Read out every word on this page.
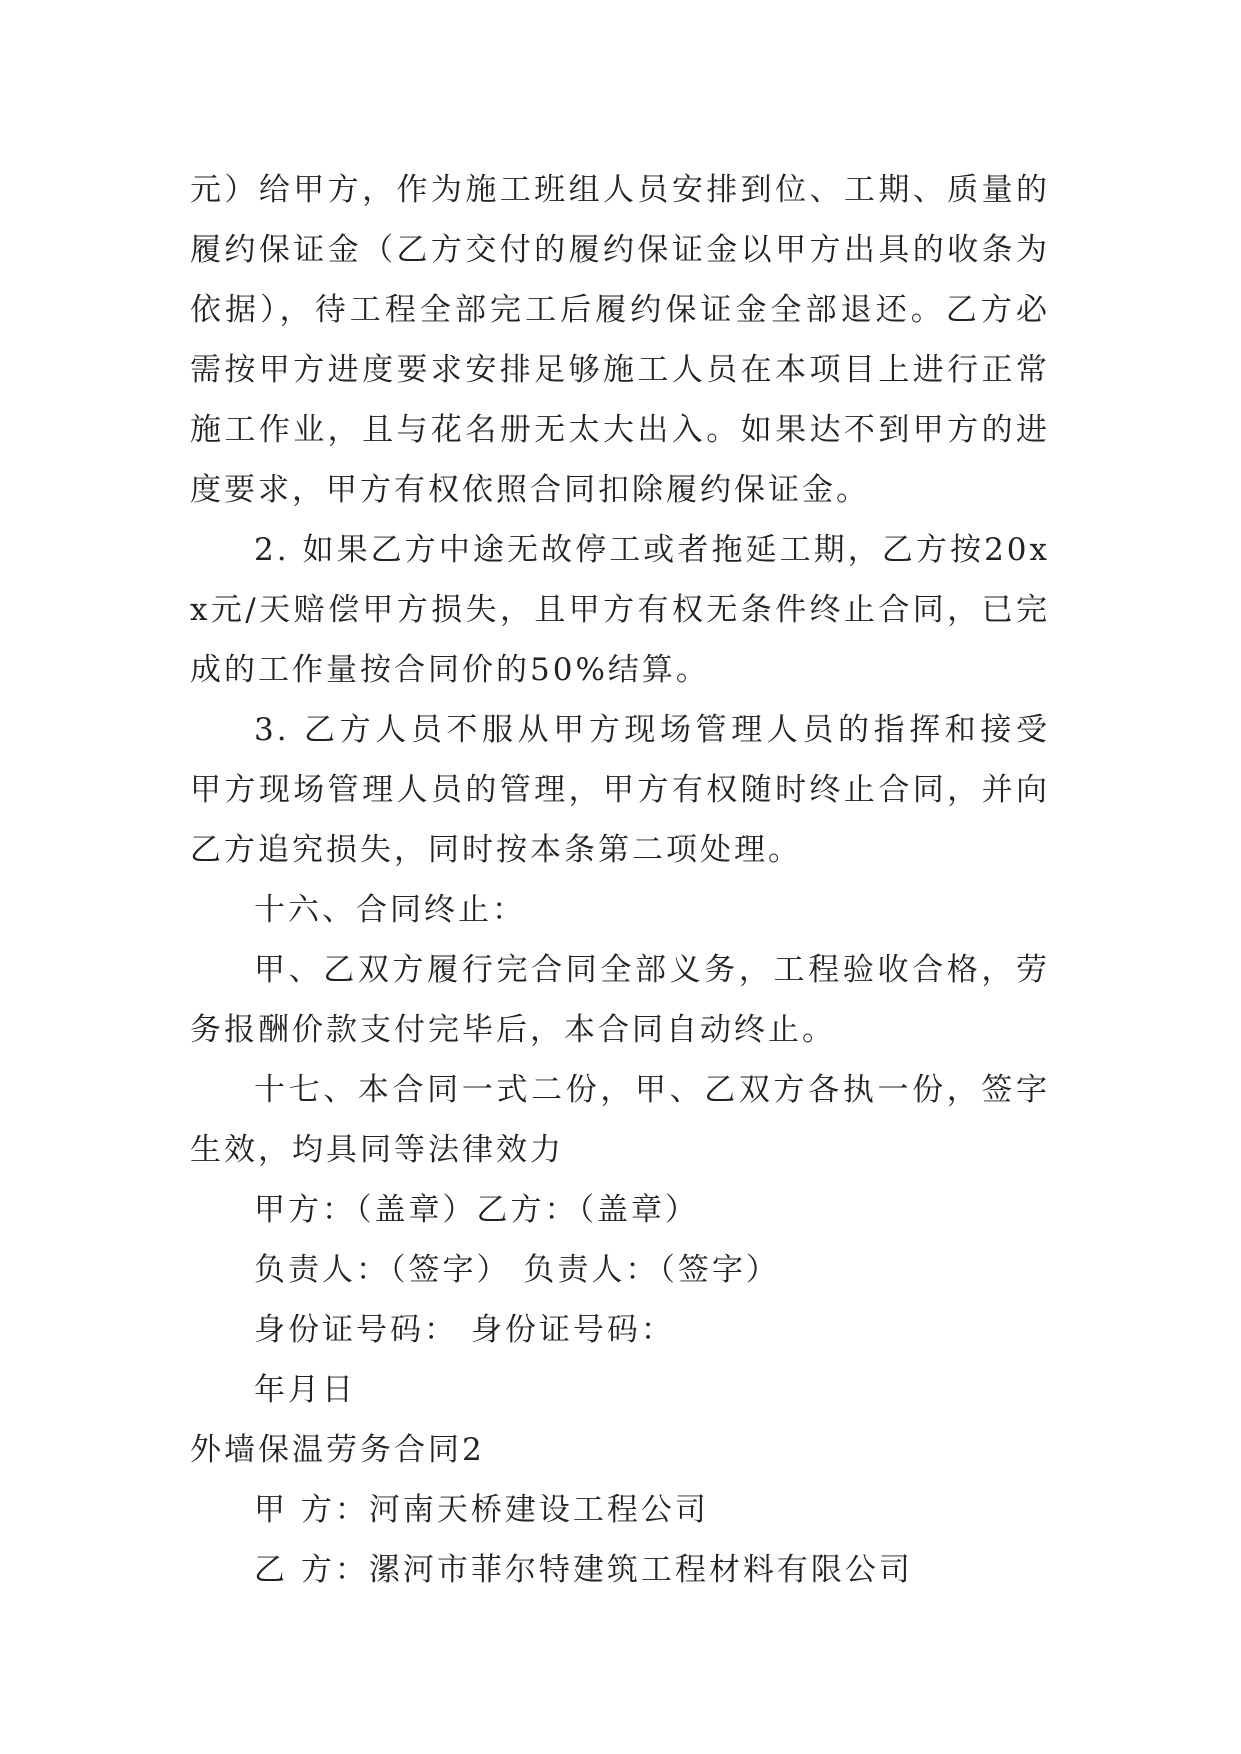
元）给甲方，作为施工班组人员安排到位、工期、质量的履约保证金（乙方交付的履约保证金以甲方出具的收条为依据），待工程全部完工后履约保证金全部退还。乙方必需按甲方进度要求安排足够施工人员在本项目上进行正常施工作业，且与花名册无太大出入。如果达不到甲方的进度要求，甲方有权依照合同扣除履约保证金。

2. 如果乙方中途无故停工或者拖延工期，乙方按20xx元/天赔偿甲方损失，且甲方有权无条件终止合同，已完成的工作量按合同价的50%结算。

3. 乙方人员不服从甲方现场管理人员的指挥和接受甲方现场管理人员的管理，甲方有权随时终止合同，并向乙方追究损失，同时按本条第二项处理。

十六、合同终止：

甲、乙双方履行完合同全部义务，工程验收合格，劳务报酬价款支付完毕后，本合同自动终止。

十七、本合同一式二份，甲、乙双方各执一份，签字生效，均具同等法律效力

甲方：（盖章）乙方：（盖章）

负责人：（签字） 负责人：（签字）

身份证号码： 身份证号码：

年月日

外墙保温劳务合同2

甲 方：河南天桥建设工程公司

乙 方：漯河市菲尔特建筑工程材料有限公司
